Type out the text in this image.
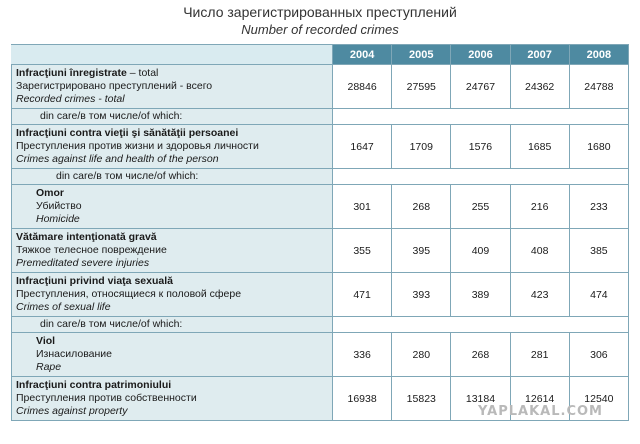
Число зарегистрированных преступлений
Number of recorded crimes
	2004	2005	2006	2007	2008

Infracţiuni înregistrate – total
Зарегистрировано преступлений - всего
Recorded crimes - total	28846	27595	24767	24362	24788
din care/в том числе/of which:					

Infracţiuni contra vieţii şi sănătăţii persoanei
Преступления против жизни и здоровья личности
Crimes against life and health of the person	1647	1709	1576	1685	1680
din care/в том числе/of which:					

Omor
Убийство
Homicide	301	268	255	216	233

Vătămare intenţionată gravă
Тяжкое телесное повреждение
Premeditated severe injuries	355	395	409	408	385

Infracţiuni privind viaţa sexuală
Преступления, относящиеся к половой сфере
Crimes of sexual life	471	393	389	423	474
din care/в том числе/of which:					

Viol
Изнасилование
Rape	336	280	268	281	306

Infracţiuni contra patrimoniului
Преступления против собственности
Crimes against property	16938	15823	13184	12614	12540
YAPLAKAL.COM
